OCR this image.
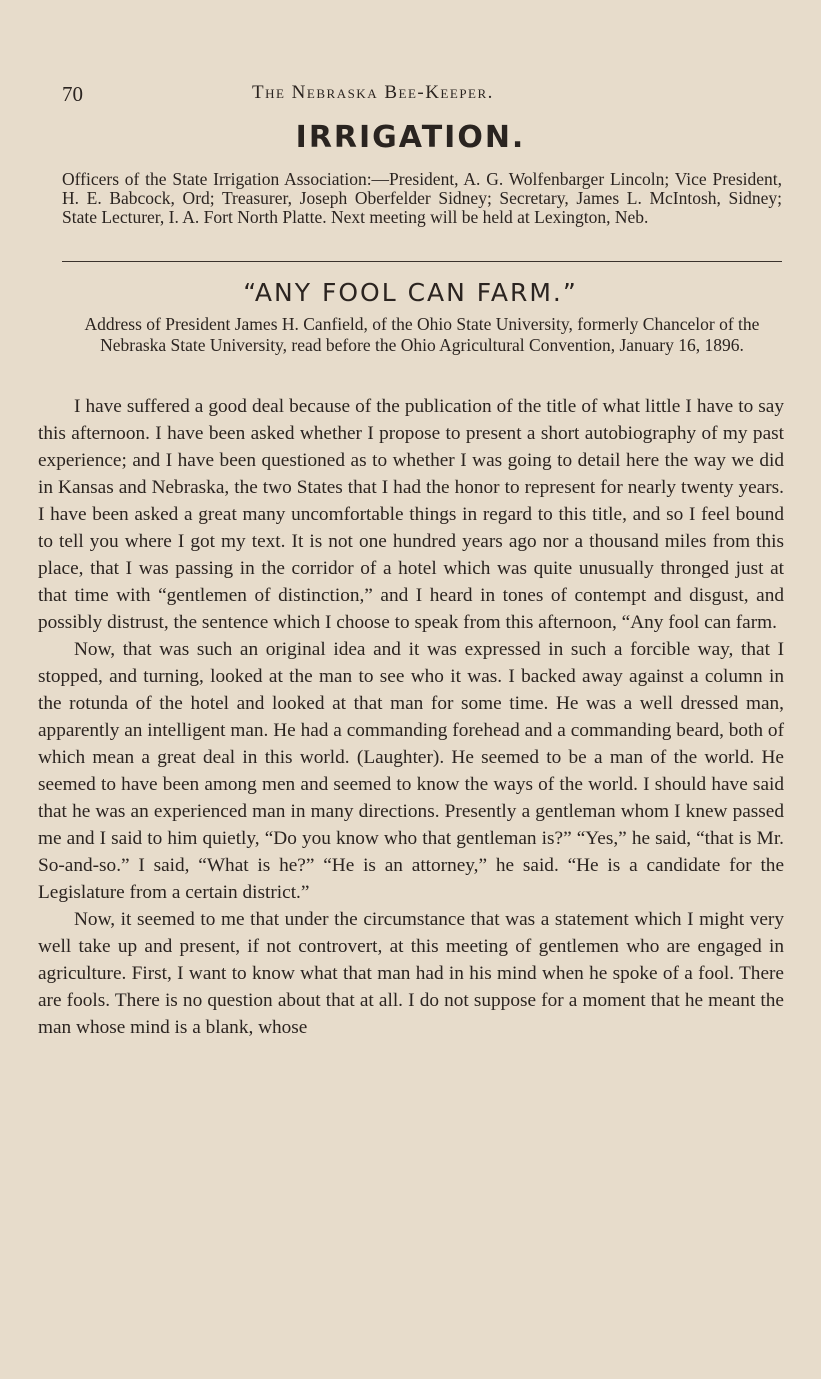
70	The Nebraska Bee-Keeper.
IRRIGATION.
Officers of the State Irrigation Association:—President, A. G. Wolfenbarger Lincoln; Vice President, H. E. Babcock, Ord; Treasurer, Joseph Oberfelder Sidney; Secretary, James L. McIntosh, Sidney; State Lecturer, I. A. Fort North Platte. Next meeting will be held at Lexington, Neb.
“ANY FOOL CAN FARM.”
Address of President James H. Canfield, of the Ohio State University, formerly Chancelor of the Nebraska State University, read before the Ohio Agricultural Convention, January 16, 1896.

I have suffered a good deal because of the publication of the title of what little I have to say this afternoon. I have been asked whether I propose to present a short autobiography of my past experience; and I have been questioned as to whether I was going to detail here the way we did in Kansas and Nebraska, the two States that I had the honor to represent for nearly twenty years. I have been asked a great many uncomfortable things in regard to this title, and so I feel bound to tell you where I got my text. It is not one hundred years ago nor a thousand miles from this place, that I was passing in the corridor of a hotel which was quite unusually thronged just at that time with “gentlemen of distinction,” and I heard in tones of contempt and disgust, and possibly distrust, the sentence which I choose to speak from this afternoon, “Any fool can farm.

Now, that was such an original idea and it was expressed in such a forcible way, that I stopped, and turning, looked at the man to see who it was. I backed away against a column in the rotunda of the hotel and looked at that man for some time. He was a well dressed man, apparently an intelligent man. He had a commanding forehead and a commanding beard, both of which mean a great deal in this world. (Laughter). He seemed to be a man of the world. He seemed to have been among men and seemed to know the ways of the world. I should have said that he was an experienced man in many directions. Presently a gentleman whom I knew passed me and I said to him quietly, “Do you know who that gentleman is?” “Yes,” he said, “that is Mr. So-and-so.” I said, “What is he?” “He is an attorney,” he said. “He is a candidate for the Legislature from a certain district.”

Now, it seemed to me that under the circumstance that was a statement which I might very well take up and present, if not controvert, at this meeting of gentlemen who are engaged in agriculture. First, I want to know what that man had in his mind when he spoke of a fool. There are fools. There is no question about that at all. I do not suppose for a moment that he meant the man whose mind is a blank, whose
